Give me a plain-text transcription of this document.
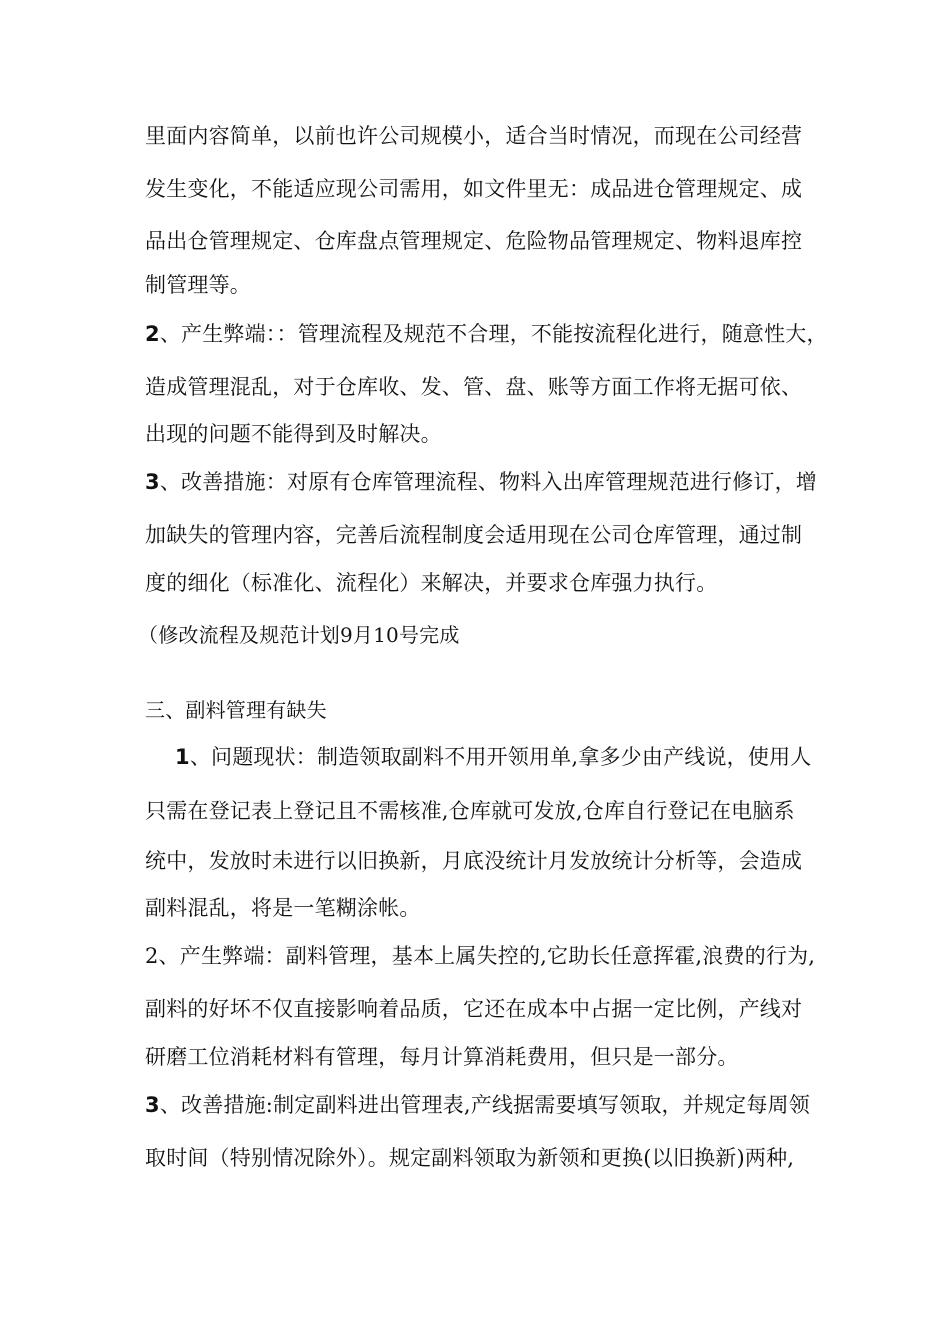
里面内容简单，以前也许公司规模小，适合当时情况，而现在公司经营
发生变化，不能适应现公司需用，如文件里无：成品进仓管理规定、成
品出仓管理规定、仓库盘点管理规定、危险物品管理规定、物料退库控
制管理等。
2、产生弊端：：管理流程及规范不合理，不能按流程化进行，随意性大，
造成管理混乱，对于仓库收、发、管、盘、账等方面工作将无据可依、
出现的问题不能得到及时解决。
3、改善措施：对原有仓库管理流程、物料入出库管理规范进行修订，增
加缺失的管理内容，完善后流程制度会适用现在公司仓库管理，通过制
度的细化（标准化、流程化）来解决，并要求仓库强力执行。
（修改流程及规范计划9月10号完成
三、副料管理有缺失
1、问题现状：制造领取副料不用开领用单,拿多少由产线说，使用人
只需在登记表上登记且不需核准,仓库就可发放,仓库自行登记在电脑系
统中，发放时未进行以旧换新，月底没统计月发放统计分析等，会造成
副料混乱，将是一笔糊涂帐。
2、产生弊端：副料管理，基本上属失控的,它助长任意挥霍,浪费的行为,
副料的好坏不仅直接影响着品质，它还在成本中占据一定比例，产线对
研磨工位消耗材料有管理，每月计算消耗费用，但只是一部分。
3、改善措施:制定副料进出管理表,产线据需要填写领取，并规定每周领
取时间（特别情况除外）。规定副料领取为新领和更换(以旧换新)两种,
